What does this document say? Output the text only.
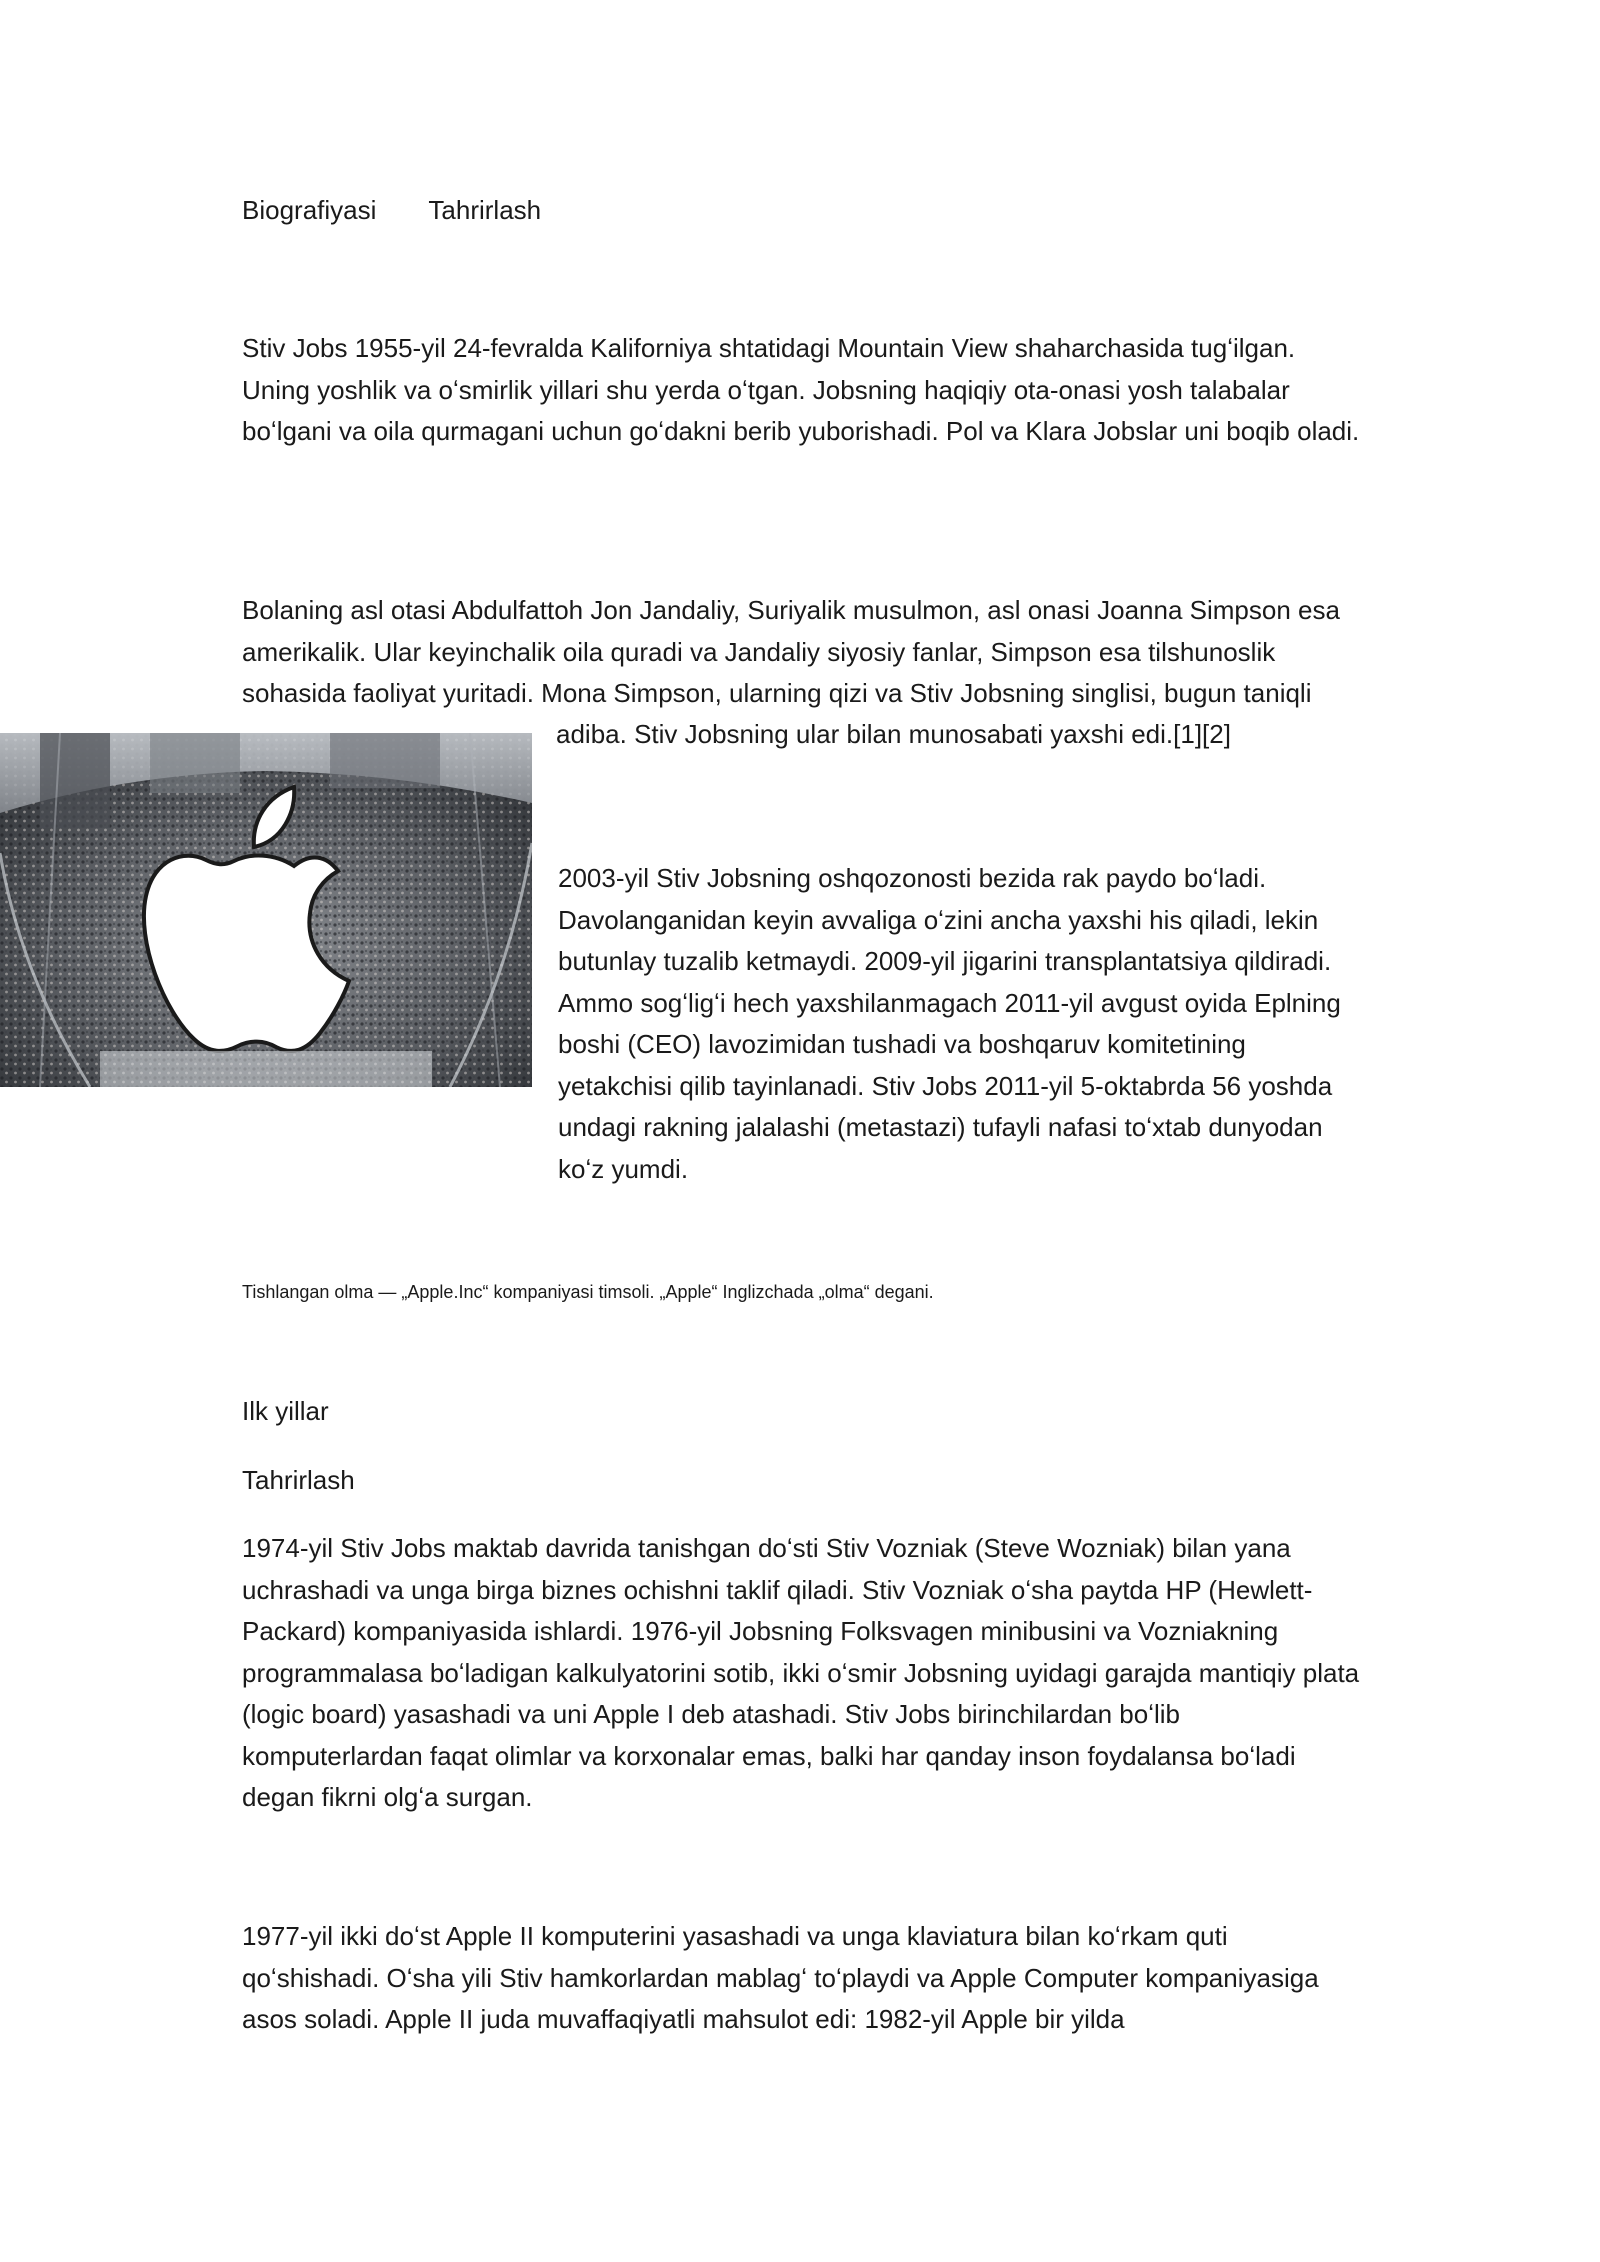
Biografiyasi Tahrirlash

Stiv Jobs 1955-yil 24-fevralda Kaliforniya shtatidagi Mountain View shaharchasida tugʻilgan. Uning yoshlik va oʻsmirlik yillari shu yerda oʻtgan. Jobsning haqiqiy ota-onasi yosh talabalar boʻlgani va oila qurmagani uchun goʻdakni berib yuborishadi. Pol va Klara Jobslar uni boqib oladi.

Bolaning asl otasi Abdulfattoh Jon Jandaliy, Suriyalik musulmon, asl onasi Joanna Simpson esa amerikalik. Ular keyinchalik oila quradi va Jandaliy siyosiy fanlar, Simpson esa tilshunoslik sohasida faoliyat yuritadi. Mona Simpson, ularning qizi va Stiv Jobsning singlisi, bugun taniqli

adiba. Stiv Jobsning ular bilan munosabati yaxshi edi.[1][2]

2003-yil Stiv Jobsning oshqozonosti bezida rak paydo boʻladi. Davolanganidan keyin avvaliga oʻzini ancha yaxshi his qiladi, lekin butunlay tuzalib ketmaydi. 2009-yil jigarini transplantatsiya qildiradi. Ammo sogʻligʻi hech yaxshilanmagach 2011-yil avgust oyida Eplning boshi (CEO) lavozimidan tushadi va boshqaruv komitetining yetakchisi qilib tayinlanadi. Stiv Jobs 2011-yil 5-oktabrda 56 yoshda undagi rakning jalalashi (metastazi) tufayli nafasi toʻxtab dunyodan koʻz yumdi.
Tishlangan olma — „Apple.Inc“ kompaniyasi timsoli. „Apple“ Inglizchada „olma“ degani.
Ilk yillar
Tahrirlash

1974-yil Stiv Jobs maktab davrida tanishgan doʻsti Stiv Vozniak (Steve Wozniak) bilan yana uchrashadi va unga birga biznes ochishni taklif qiladi. Stiv Vozniak oʻsha paytda HP (Hewlett-Packard) kompaniyasida ishlardi. 1976-yil Jobsning Folksvagen minibusini va Vozniakning programmalasa boʻladigan kalkulyatorini sotib, ikki oʻsmir Jobsning uyidagi garajda mantiqiy plata (logic board) yasashadi va uni Apple I deb atashadi. Stiv Jobs birinchilardan boʻlib komputerlardan faqat olimlar va korxonalar emas, balki har qanday inson foydalansa boʻladi degan fikrni olgʻa surgan.

1977-yil ikki doʻst Apple II komputerini yasashadi va unga klaviatura bilan koʻrkam quti qoʻshishadi. Oʻsha yili Stiv hamkorlardan mablagʻ toʻplaydi va Apple Computer kompaniyasiga asos soladi. Apple II juda muvaffaqiyatli mahsulot edi: 1982-yil Apple bir yilda
